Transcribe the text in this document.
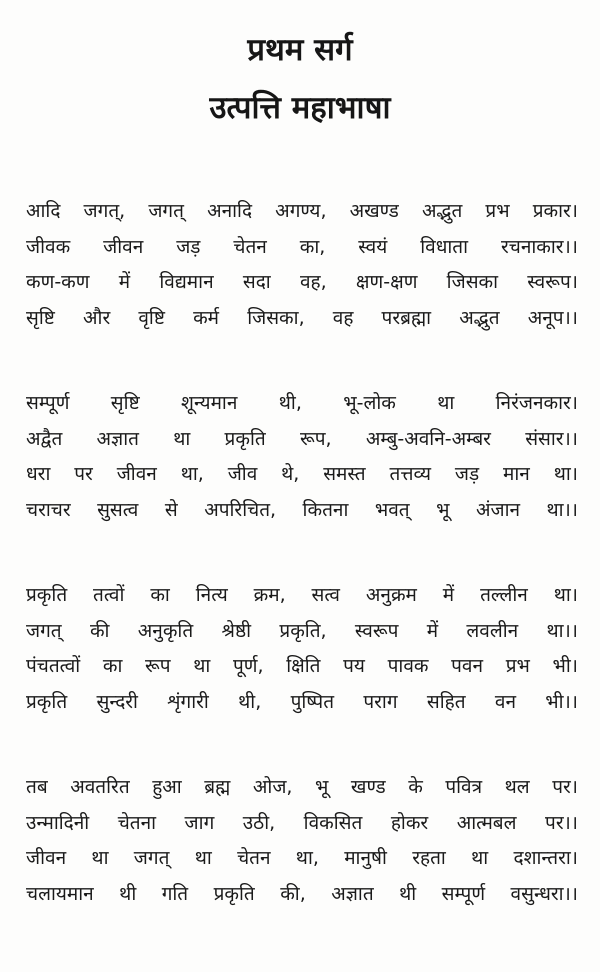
प्रथम सर्ग
उत्पत्ति महाभाषा
आदि जगत्, जगत् अनादि अगण्य, अखण्ड अद्भुत प्रभ प्रकार।
जीवक जीवन जड़ चेतन का, स्वयं विधाता रचनाकार।।
कण-कण में विद्यमान सदा वह, क्षण-क्षण जिसका स्वरूप।
सृष्टि और वृष्टि कर्म जिसका, वह परब्रह्मा अद्भुत अनूप।।
सम्पूर्ण सृष्टि शून्यमान थी, भू-लोक था निरंजनकार।
अद्वैत अज्ञात था प्रकृति रूप, अम्बु-अवनि-अम्बर संसार।।
धरा पर जीवन था, जीव थे, समस्त तत्तव्य जड़ मान था।
चराचर सुसत्व से अपरिचित, कितना भवत् भू अंजान था।।
प्रकृति तत्वों का नित्य क्रम, सत्व अनुक्रम में तल्लीन था।
जगत् की अनुकृति श्रेष्ठी प्रकृति, स्वरूप में लवलीन था।।
पंचतत्वों का रूप था पूर्ण, क्षिति पय पावक पवन प्रभ भी।
प्रकृति सुन्दरी शृंगारी थी, पुष्पित पराग सहित वन भी।।
तब अवतरित हुआ ब्रह्म ओज, भू खण्ड के पवित्र थल पर।
उन्मादिनी चेतना जाग उठी, विकसित होकर आत्मबल पर।।
जीवन था जगत् था चेतन था, मानुषी रहता था दशान्तरा।
चलायमान थी गति प्रकृति की, अज्ञात थी सम्पूर्ण वसुन्धरा।।
